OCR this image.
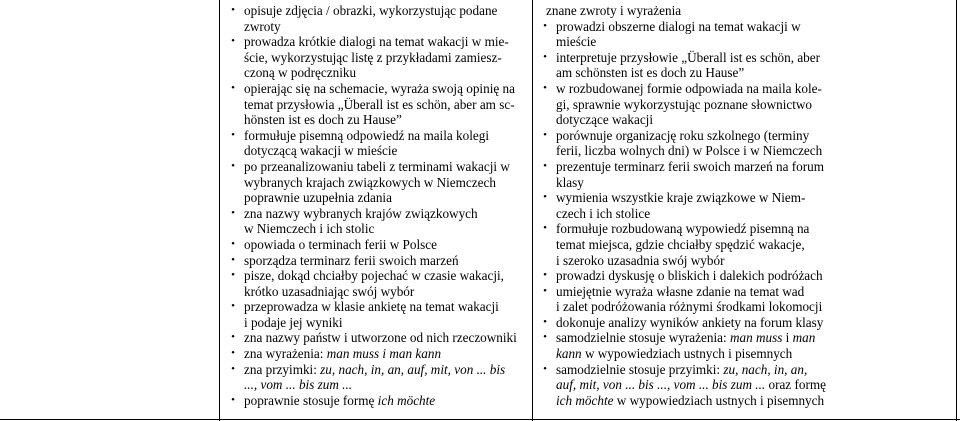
• opisuje zdjęcia / obrazki, wykorzystując podane
zwroty
• prowadza krótkie dialogi na temat wakacji w mie-
ście, wykorzystując listę z przykładami zamiesz-
czoną w podręczniku
• opierając się na schemacie, wyraża swoją opinię na
temat przysłowia „Überall ist es schön, aber am sc-
hönsten ist es doch zu Hause”
• formułuje pisemną odpowiedź na maila kolegi
dotyczącą wakacji w mieście
• po przeanalizowaniu tabeli z terminami wakacji w
wybranych krajach związkowych w Niemczech
poprawnie uzupełnia zdania
• zna nazwy wybranych krajów związkowych
w Niemczech i ich stolic
• opowiada o terminach ferii w Polsce
• sporządza terminarz ferii swoich marzeń
• pisze, dokąd chciałby pojechać w czasie wakacji,
krótko uzasadniając swój wybór
• przeprowadza w klasie ankietę na temat wakacji
i podaje jej wyniki
• zna nazwy państw i utworzone od nich rzeczowniki
• zna wyrażenia: man muss i man kann
• zna przyimki: zu, nach, in, an, auf, mit, von ... bis
..., vom ... bis zum ...
• poprawnie stosuje formę ich möchte
znane zwroty i wyrażenia
• prowadzi obszerne dialogi na temat wakacji w
mieście
• interpretuje przysłowie „Überall ist es schön, aber
am schönsten ist es doch zu Hause”
• w rozbudowanej formie odpowiada na maila kole-
gi, sprawnie wykorzystując poznane słownictwo
dotyczące wakacji
• porównuje organizację roku szkolnego (terminy
ferii, liczba wolnych dni) w Polsce i w Niemczech
• prezentuje terminarz ferii swoich marzeń na forum
klasy
• wymienia wszystkie kraje związkowe w Niem-
czech i ich stolice
• formułuje rozbudowaną wypowiedź pisemną na
temat miejsca, gdzie chciałby spędzić wakacje,
i szeroko uzasadnia swój wybór
• prowadzi dyskusję o bliskich i dalekich podróżach
• umiejętnie wyraża własne zdanie na temat wad
i zalet podróżowania różnymi środkami lokomocji
• dokonuje analizy wyników ankiety na forum klasy
• samodzielnie stosuje wyrażenia: man muss i man
kann w wypowiedziach ustnych i pisemnych
• samodzielnie stosuje przyimki: zu, nach, in, an,
auf, mit, von ... bis ..., vom ... bis zum ... oraz formę
ich möchte w wypowiedziach ustnych i pisemnych
